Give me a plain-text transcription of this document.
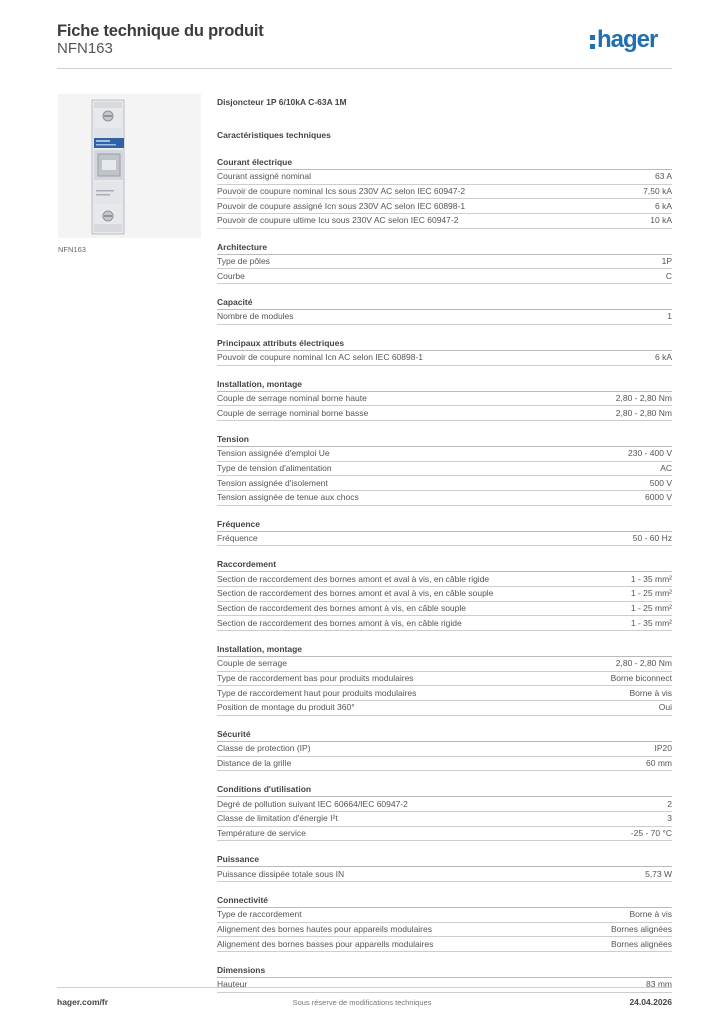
Fiche technique du produit
NFN163	hager
NFN163
Disjoncteur 1P 6/10kA C-63A 1M
Caractéristiques techniques
Courant électrique
Courant assigné nominal	63 A
Pouvoir de coupure nominal Ics sous 230V AC selon IEC 60947-2	7,50 kA
Pouvoir de coupure assigné Icn sous 230V AC selon IEC 60898-1	6 kA
Pouvoir de coupure ultime Icu sous 230V AC selon IEC 60947-2	10 kA
Architecture
Type de pôles	1P
Courbe	C
Capacité
Nombre de modules	1
Principaux attributs électriques
Pouvoir de coupure nominal Icn AC selon IEC 60898-1	6 kA
Installation, montage
Couple de serrage nominal borne haute	2,80 - 2,80 Nm
Couple de serrage nominal borne basse	2,80 - 2,80 Nm
Tension
Tension assignée d'emploi Ue	230 - 400 V
Type de tension d'alimentation	AC
Tension assignée d'isolement	500 V
Tension assignée de tenue aux chocs	6000 V
Fréquence
Fréquence	50 - 60 Hz
Raccordement
Section de raccordement des bornes amont et aval à vis, en câble rigide	1 - 35 mm²
Section de raccordement des bornes amont et aval à vis, en câble souple	1 - 25 mm²
Section de raccordement des bornes amont à vis, en câble souple	1 - 25 mm²
Section de raccordement des bornes amont à vis, en câble rigide	1 - 35 mm²
Installation, montage
Couple de serrage	2,80 - 2,80 Nm
Type de raccordement bas pour produits modulaires	Borne biconnect
Type de raccordement haut pour produits modulaires	Borne à vis
Position de montage du produit 360°	Oui
Sécurité
Classe de protection (IP)	IP20
Distance de la grille	60 mm
Conditions d'utilisation
Degré de pollution suivant IEC 60664/IEC 60947-2	2
Classe de limitation d'énergie I²t	3
Température de service	-25 - 70 °C
Puissance
Puissance dissipée totale sous IN	5,73 W
Connectivité
Type de raccordement	Borne à vis
Alignement des bornes hautes pour appareils modulaires	Bornes alignées
Alignement des bornes basses pour appareils modulaires	Bornes alignées
Dimensions
Hauteur	83 mm
hager.com/fr	Sous réserve de modifications techniques	24.04.2026
